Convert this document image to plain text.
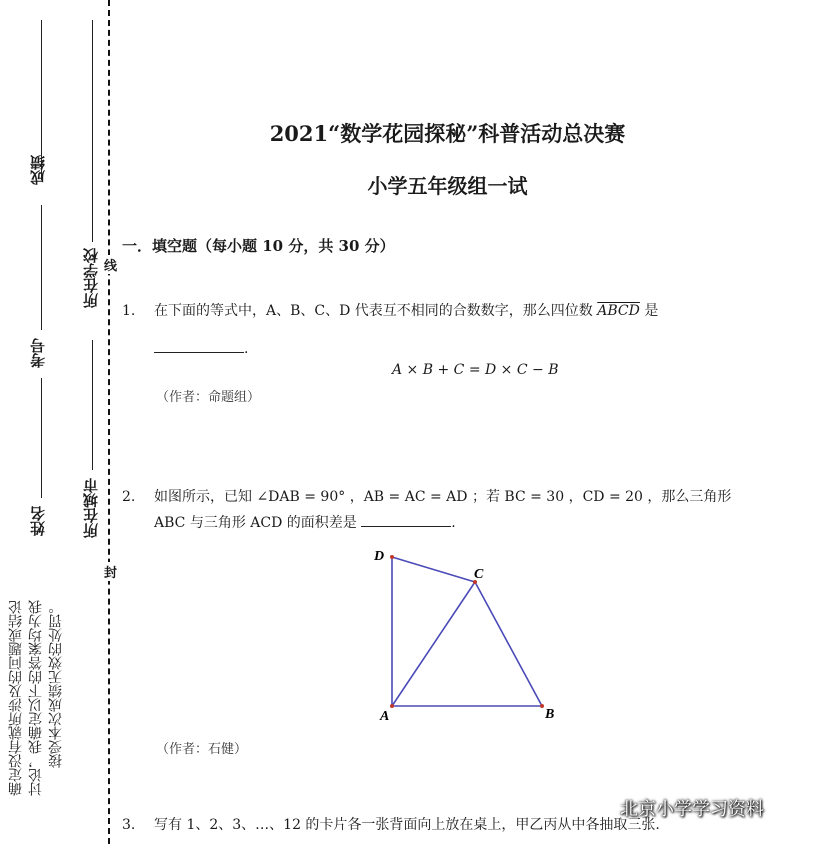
成绩
所在学校
考号
所在城市
姓名
线
封
确定没有就所涉及的问题或结论 讨论，我确定以下的答案均为我 接受本次成绩无效的处罚。
2021“数学花园探秘”科普活动总决赛
小学五年级组一试
一．填空题（每小题 10 分，共 30 分）
1. 在下面的等式中，A、B、C、D 代表互不相同的合数数字，那么四位数 ABCD 是
.
A × B + C = D × C − B
（作者：命题组）
2. 如图所示，已知 ∠DAB = 90° ，AB = AC = AD ；若 BC = 30 ，CD = 20 ，那么三角形
ABC 与三角形 ACD 的面积差是	.
D
C
A	B
（作者：石健）
3. 写有 1、2、3、…、12 的卡片各一张背面向上放在桌上，甲乙丙从中各抽取三张.
北京小学学习资料
